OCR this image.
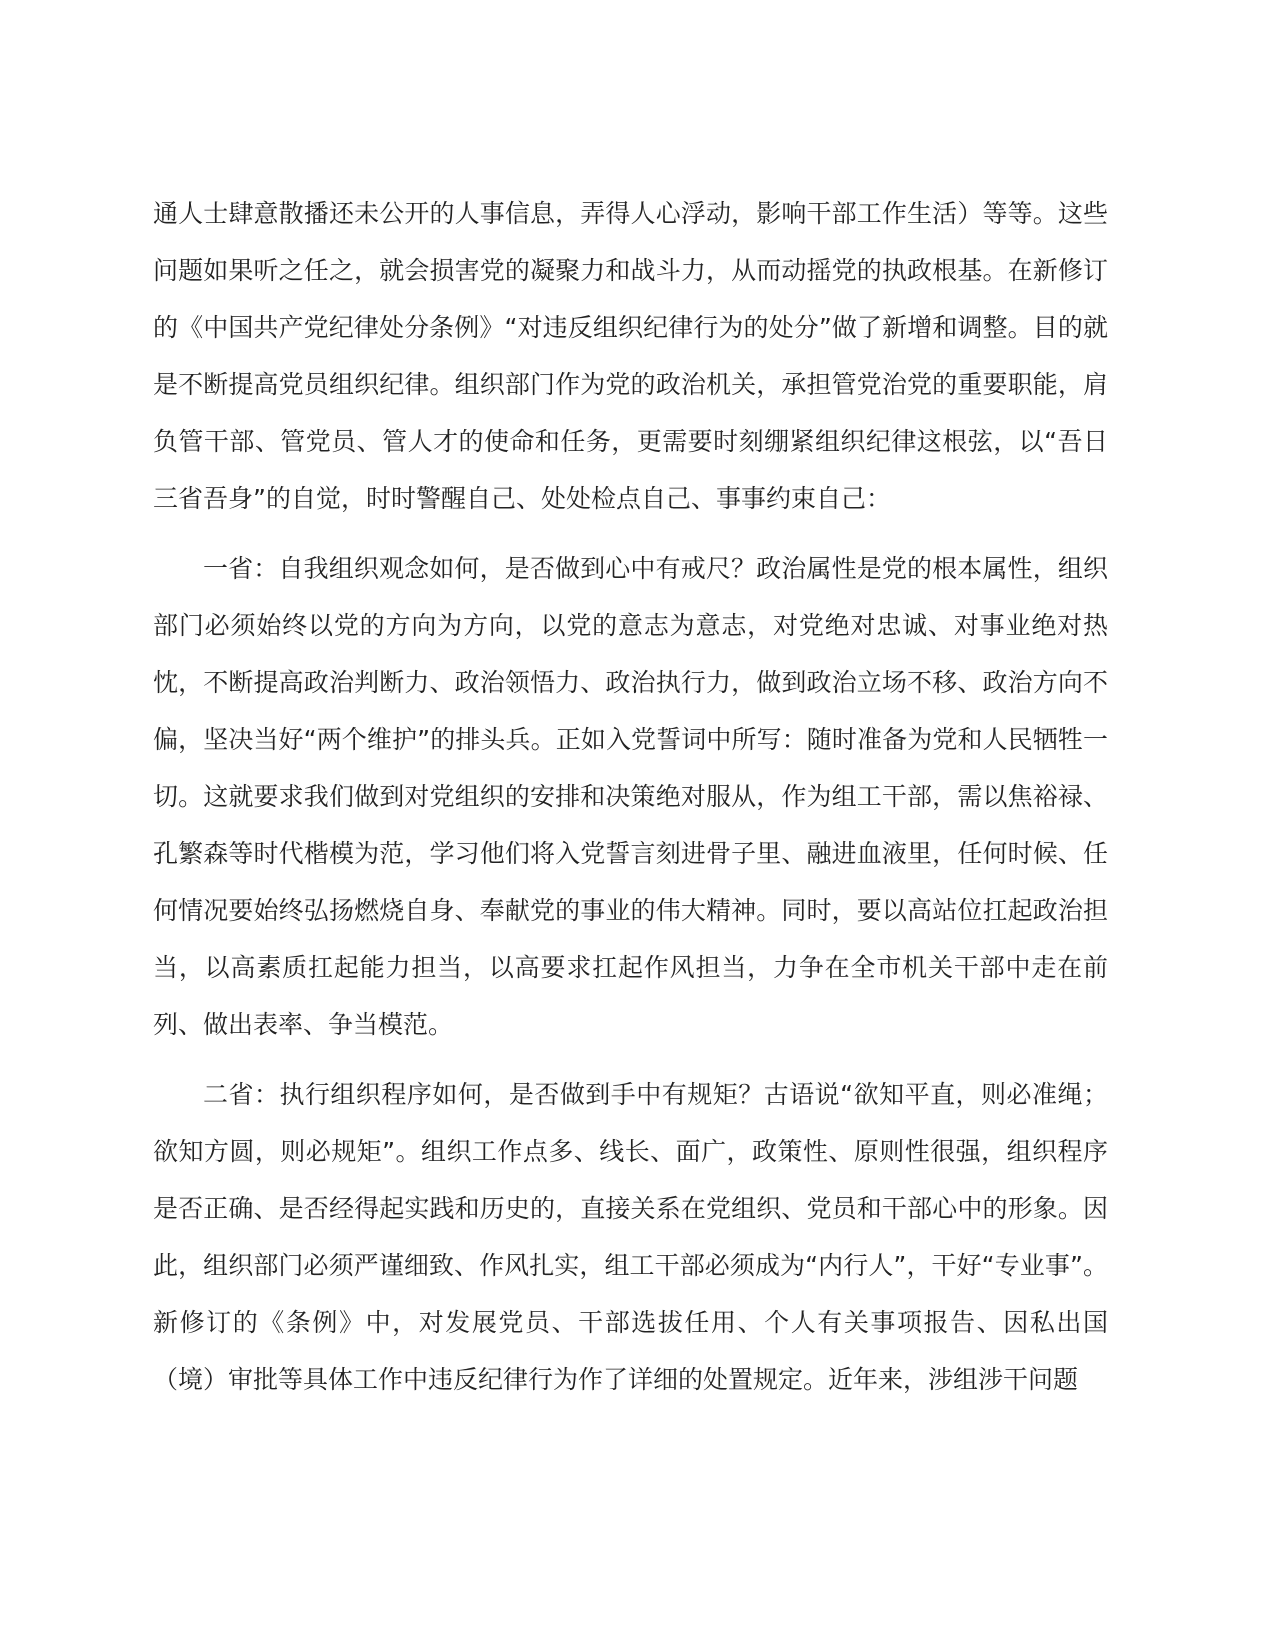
通人士肆意散播还未公开的人事信息，弄得人心浮动，影响干部工作生活）等等。这些问题如果听之任之，就会损害党的凝聚力和战斗力，从而动摇党的执政根基。在新修订的《中国共产党纪律处分条例》“对违反组织纪律行为的处分”做了新增和调整。目的就是不断提高党员组织纪律。组织部门作为党的政治机关，承担管党治党的重要职能，肩负管干部、管党员、管人才的使命和任务，更需要时刻绷紧组织纪律这根弦，以“吾日三省吾身”的自觉，时时警醒自己、处处检点自己、事事约束自己：

一省：自我组织观念如何，是否做到心中有戒尺？政治属性是党的根本属性，组织部门必须始终以党的方向为方向，以党的意志为意志，对党绝对忠诚、对事业绝对热忱，不断提高政治判断力、政治领悟力、政治执行力，做到政治立场不移、政治方向不偏，坚决当好“两个维护”的排头兵。正如入党誓词中所写：随时准备为党和人民牺牲一切。这就要求我们做到对党组织的安排和决策绝对服从，作为组工干部，需以焦裕禄、孔繁森等时代楷模为范，学习他们将入党誓言刻进骨子里、融进血液里，任何时候、任何情况要始终弘扬燃烧自身、奉献党的事业的伟大精神。同时，要以高站位扛起政治担当，以高素质扛起能力担当，以高要求扛起作风担当，力争在全市机关干部中走在前列、做出表率、争当模范。

二省：执行组织程序如何，是否做到手中有规矩？古语说“欲知平直，则必准绳；欲知方圆，则必规矩”。组织工作点多、线长、面广，政策性、原则性很强，组织程序是否正确、是否经得起实践和历史的，直接关系在党组织、党员和干部心中的形象。因此，组织部门必须严谨细致、作风扎实，组工干部必须成为“内行人”，干好“专业事”。新修订的《条例》中，对发展党员、干部选拔任用、个人有关事项报告、因私出国（境）审批等具体工作中违反纪律行为作了详细的处置规定。近年来，涉组涉干问题
